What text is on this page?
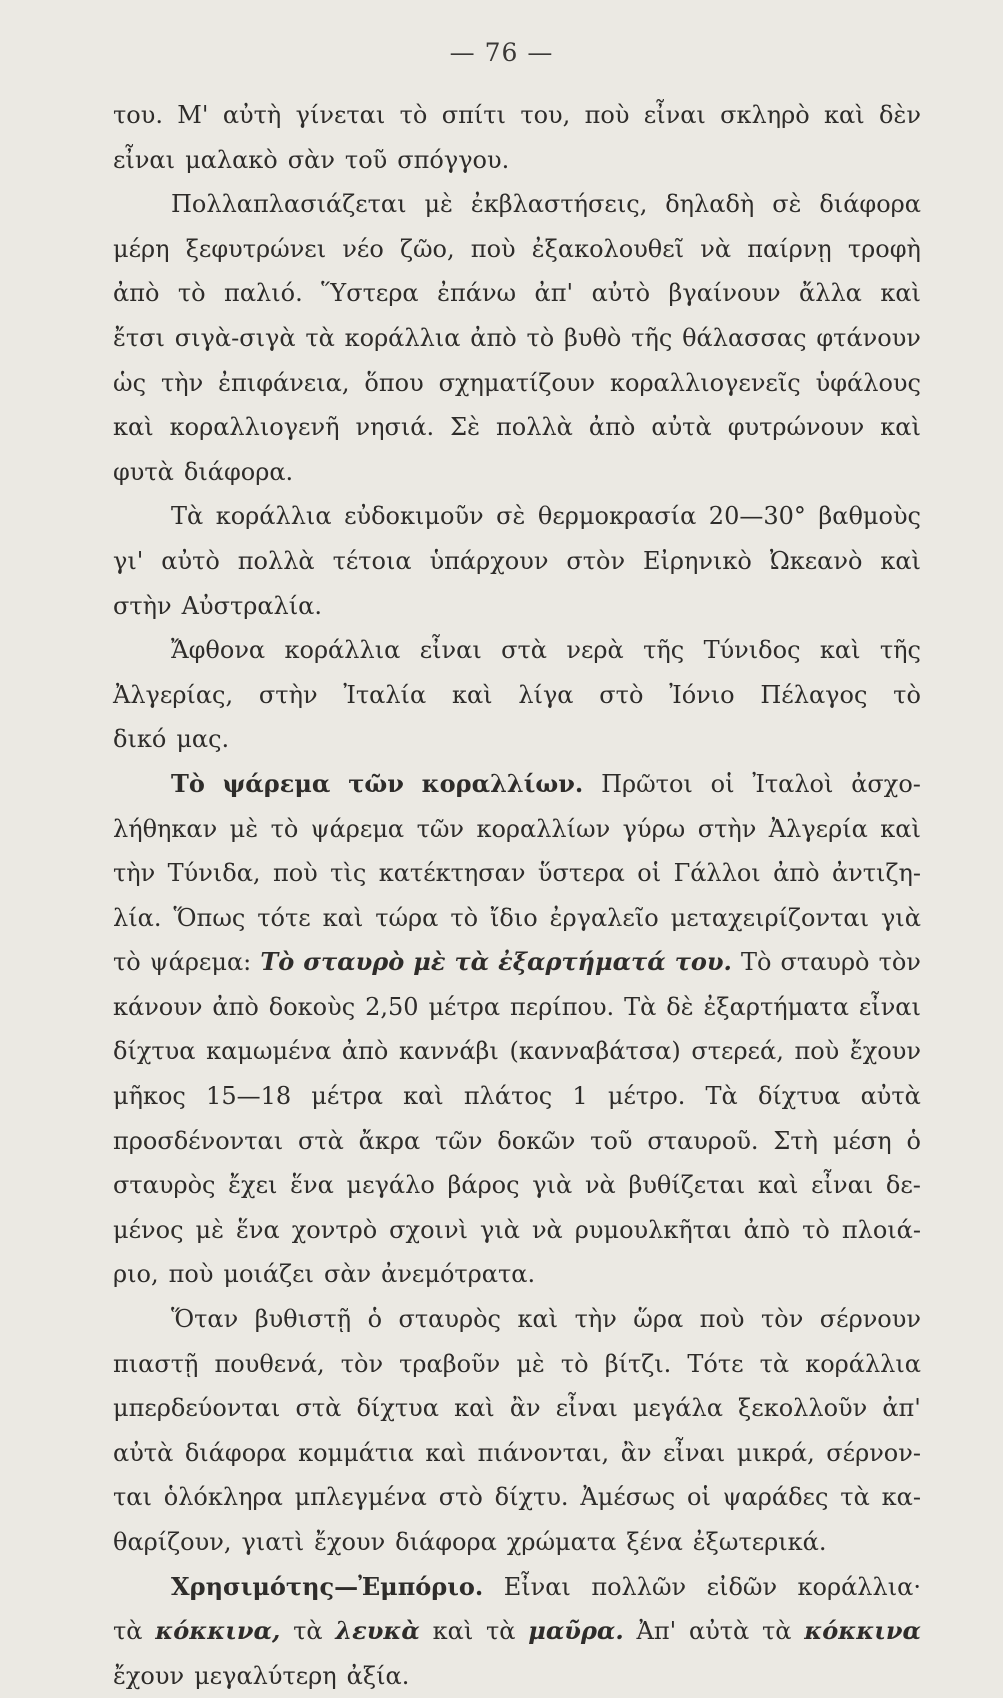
— 76 —
του. Μ' αὐτὴ γίνεται τὸ σπίτι του, ποὺ εἶναι σκληρὸ καὶ δὲν
εἶναι μαλακὸ σὰν τοῦ σπόγγου.
Πολλαπλασιάζεται μὲ ἐκβλαστήσεις, δηλαδὴ σὲ διάφορα
μέρη ξεφυτρώνει νέο ζῶο, ποὺ ἐξακολουθεῖ νὰ παίρνῃ τροφὴ
ἀπὸ τὸ παλιό. Ὕστερα ἐπάνω ἀπ' αὐτὸ βγαίνουν ἄλλα καὶ
ἔτσι σιγὰ-σιγὰ τὰ κοράλλια ἀπὸ τὸ βυθὸ τῆς θάλασσας φτάνουν
ὡς τὴν ἐπιφάνεια, ὅπου σχηματίζουν κοραλλιογενεῖς ὑφάλους
καὶ κοραλλιογενῆ νησιά. Σὲ πολλὰ ἀπὸ αὐτὰ φυτρώνουν καὶ
φυτὰ διάφορα.
Τὰ κοράλλια εὐδοκιμοῦν σὲ θερμοκρασία 20—30° βαθμοὺς
γι' αὐτὸ πολλὰ τέτοια ὑπάρχουν στὸν Εἰρηνικὸ Ὠκεανὸ καὶ
στὴν Αὐστραλία.
Ἄφθονα κοράλλια εἶναι στὰ νερὰ τῆς Τύνιδος καὶ τῆς
Ἀλγερίας, στὴν Ἰταλία καὶ λίγα στὸ Ἰόνιο Πέλαγος τὸ
δικό μας.
Τὸ ψάρεμα τῶν κοραλλίων. Πρῶτοι οἱ Ἰταλοὶ ἀσχο-
λήθηκαν μὲ τὸ ψάρεμα τῶν κοραλλίων γύρω στὴν Ἀλγερία καὶ
τὴν Τύνιδα, ποὺ τὶς κατέκτησαν ὕστερα οἱ Γάλλοι ἀπὸ ἀντιζη-
λία. Ὅπως τότε καὶ τώρα τὸ ἴδιο ἐργαλεῖο μεταχειρίζονται γιὰ
τὸ ψάρεμα: Τὸ σταυρὸ μὲ τὰ ἐξαρτήματά του. Τὸ σταυρὸ τὸν
κάνουν ἀπὸ δοκοὺς 2,50 μέτρα περίπου. Τὰ δὲ ἐξαρτήματα εἶναι
δίχτυα καμωμένα ἀπὸ καννάβι (κανναβάτσα) στερεά, ποὺ ἔχουν
μῆκος 15—18 μέτρα καὶ πλάτος 1 μέτρο. Τὰ δίχτυα αὐτὰ
προσδένονται στὰ ἄκρα τῶν δοκῶν τοῦ σταυροῦ. Στὴ μέση ὁ
σταυρὸς ἔχει ἕνα μεγάλο βάρος γιὰ νὰ βυθίζεται καὶ εἶναι δε-
μένος μὲ ἕνα χοντρὸ σχοινὶ γιὰ νὰ ρυμουλκῆται ἀπὸ τὸ πλοιά-
ριο, ποὺ μοιάζει σὰν ἀνεμότρατα.
Ὅταν βυθιστῇ ὁ σταυρὸς καὶ τὴν ὥρα ποὺ τὸν σέρνουν
πιαστῇ πουθενά, τὸν τραβοῦν μὲ τὸ βίτζι. Τότε τὰ κοράλλια
μπερδεύονται στὰ δίχτυα καὶ ἂν εἶναι μεγάλα ξεκολλοῦν ἀπ'
αὐτὰ διάφορα κομμάτια καὶ πιάνονται, ἂν εἶναι μικρά, σέρνον-
ται ὁλόκληρα μπλεγμένα στὸ δίχτυ. Ἀμέσως οἱ ψαράδες τὰ κα-
θαρίζουν, γιατὶ ἔχουν διάφορα χρώματα ξένα ἐξωτερικά.
Χρησιμότης—Ἐμπόριο. Εἶναι πολλῶν εἰδῶν κοράλλια·
τὰ κόκκινα, τὰ λευκὰ καὶ τὰ μαῦρα. Ἀπ' αὐτὰ τὰ κόκκινα
ἔχουν μεγαλύτερη ἀξία.
